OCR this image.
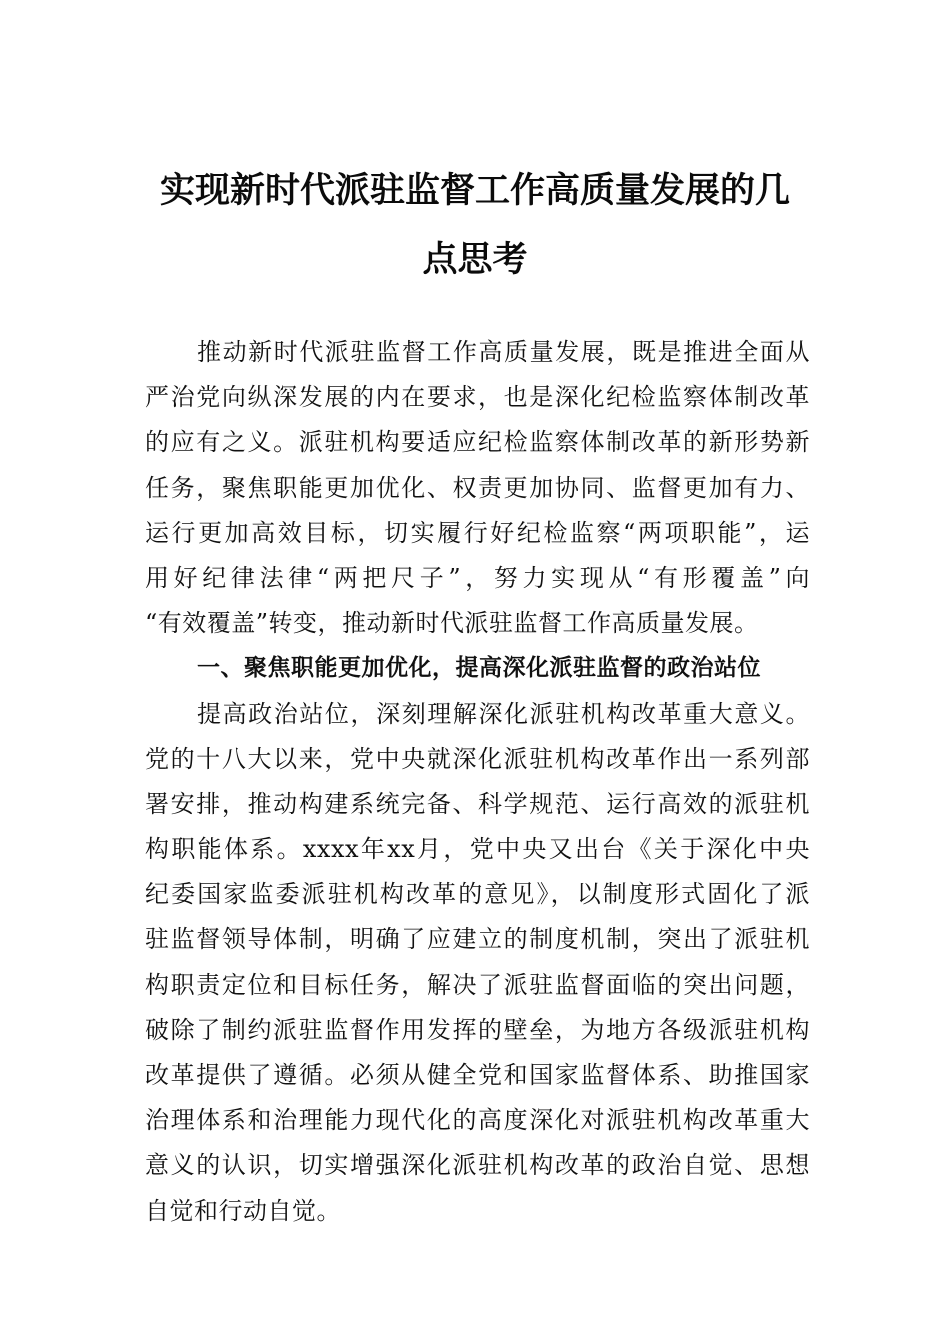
实现新时代派驻监督工作高质量发展的几
点思考
推动新时代派驻监督工作高质量发展，既是推进全面从
严治党向纵深发展的内在要求，也是深化纪检监察体制改革
的应有之义。派驻机构要适应纪检监察体制改革的新形势新
任务，聚焦职能更加优化、权责更加协同、监督更加有力、
运行更加高效目标，切实履行好纪检监察“两项职能”，运
用好纪律法律“两把尺子”，努力实现从“有形覆盖”向
“有效覆盖”转变，推动新时代派驻监督工作高质量发展。
一、聚焦职能更加优化，提高深化派驻监督的政治站位
提高政治站位，深刻理解深化派驻机构改革重大意义。
党的十八大以来，党中央就深化派驻机构改革作出一系列部
署安排，推动构建系统完备、科学规范、运行高效的派驻机
构职能体系。xxxx年xx月，党中央又出台《关于深化中央
纪委国家监委派驻机构改革的意见》，以制度形式固化了派
驻监督领导体制，明确了应建立的制度机制，突出了派驻机
构职责定位和目标任务，解决了派驻监督面临的突出问题，
破除了制约派驻监督作用发挥的壁垒，为地方各级派驻机构
改革提供了遵循。必须从健全党和国家监督体系、助推国家
治理体系和治理能力现代化的高度深化对派驻机构改革重大
意义的认识，切实增强深化派驻机构改革的政治自觉、思想
自觉和行动自觉。
